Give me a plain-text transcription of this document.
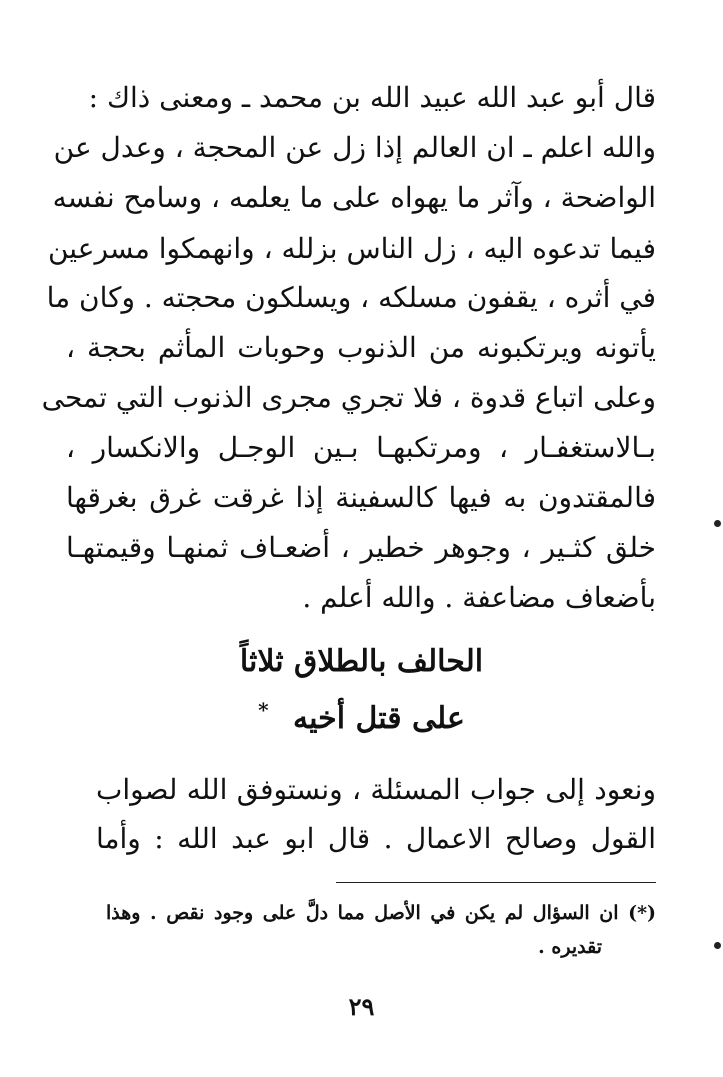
قال أبو عبد الله عبيد الله بن محمد ـ ومعنى ذاك :
والله اعلم ـ ان العالم إذا زل عن المحجة ، وعدل عن
الواضحة ، وآثر ما يهواه على ما يعلمه ، وسامح نفسه
فيما تدعوه اليه ، زل الناس بزلله ، وانهمكوا مسرعين
في أثره ، يقفون مسلكه ، ويسلكون محجته . وكان ما
يأتونه ويرتكبونه من الذنوب وحوبات المأثم بحجة ،
وعلى اتباع قدوة ، فلا تجري مجرى الذنوب التي تمحى
بـالاستغفـار ، ومرتكبهـا بـين الوجـل والانكسار ،
فالمقتدون به فيها كالسفينة إذا غرقت غرق بغرقها
خلق كثـير ، وجوهر خطير ، أضعـاف ثمنهـا وقيمتهـا
بأضعاف مضاعفة . والله أعلم .
الحالف بالطلاق ثلاثاً
على قتل أخيه *
ونعود إلى جواب المسئلة ، ونستوفق الله لصواب
القول وصالح الاعمال . قال ابو عبد الله : وأما
(*) ان السؤال لم يكن في الأصل مما دلَّ على وجود نقص . وهذا
تقديره .
٢٩
